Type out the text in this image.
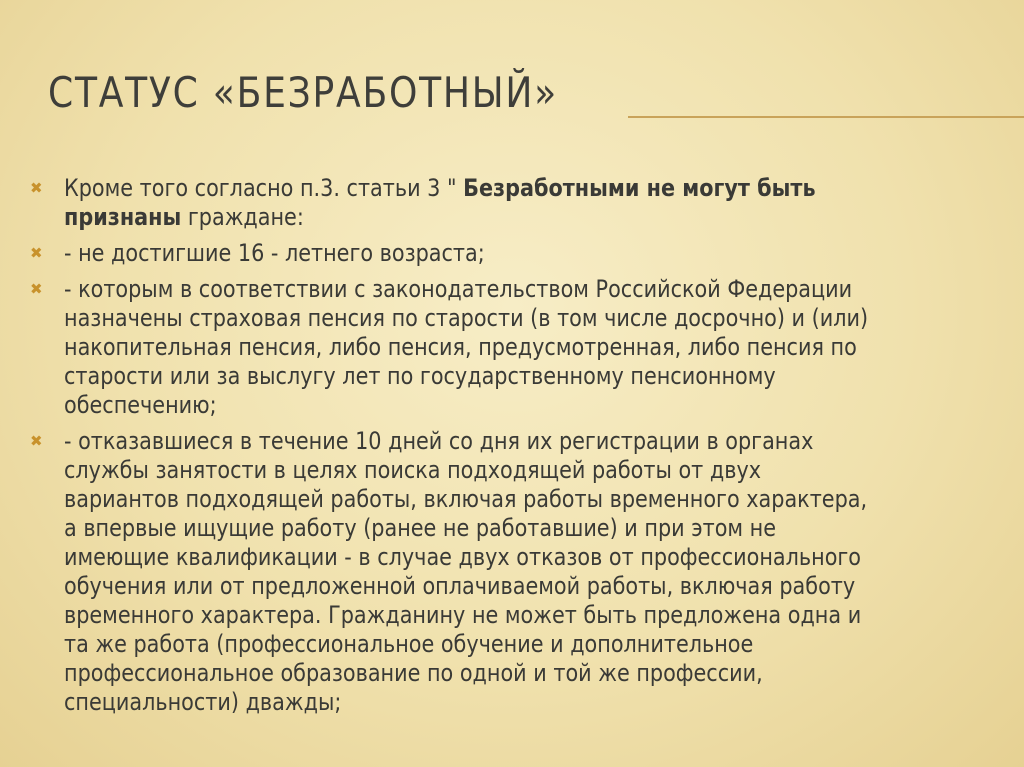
СТАТУС «БЕЗРАБОТНЫЙ»
✖ Кроме того согласно п.3. статьи 3 " Безработными не могут быть признаны граждане:
✖ - не достигшие 16 - летнего возраста;
✖ - которым в соответствии с законодательством Российской Федерации назначены страховая пенсия по старости (в том числе досрочно) и (или) накопительная пенсия, либо пенсия, предусмотренная, либо пенсия по старости или за выслугу лет по государственному пенсионному обеспечению;
✖ - отказавшиеся в течение 10 дней со дня их регистрации в органах службы занятости в целях поиска подходящей работы от двух вариантов подходящей работы, включая работы временного характера, а впервые ищущие работу (ранее не работавшие) и при этом не имеющие квалификации - в случае двух отказов от профессионального обучения или от предложенной оплачиваемой работы, включая работу временного характера. Гражданину не может быть предложена одна и та же работа (профессиональное обучение и дополнительное профессиональное образование по одной и той же профессии, специальности) дважды;
